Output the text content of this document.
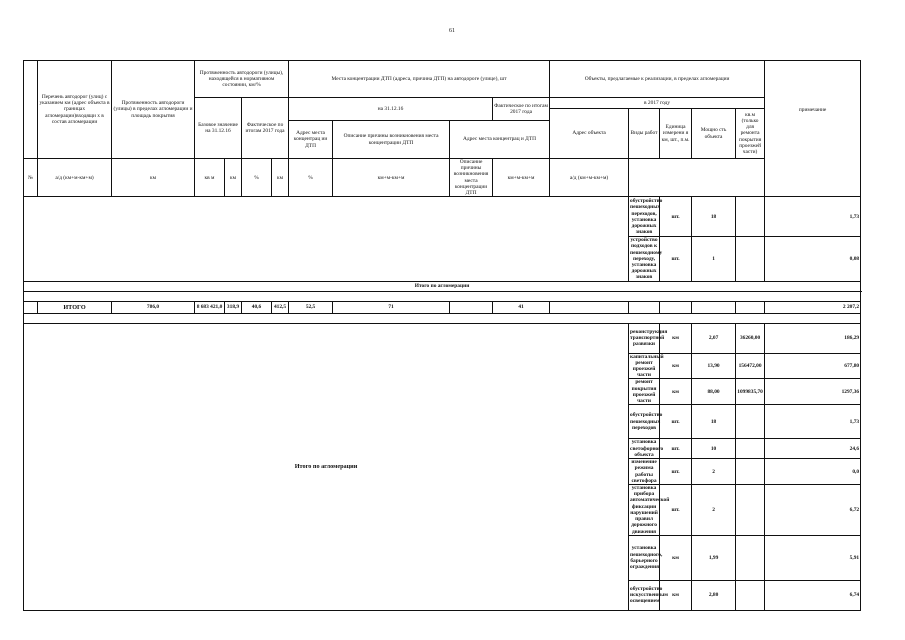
61
	Перечень автодорог (улиц) с указанием км (адрес объекта в границах агломерации)входящи х в состав агломерации	Протяженность автодороги (улицы) в пределах агломерации и площадь покрытия	Протяженность автодороги (улицы), находящейся в нормативном состоянии, км/%				Места концентрации ДТП (адреса, причина ДТП) на автодороге (улице), шт				Объекты, предлагаемые к реализации, в пределах агломерации					примечание	
			Базовое значение на 31.12.16		Фактическое по итогам 2017 года		на 31.12.16			Фактическое по итогам 2017 года	в 2017 году						
											Адрес объекта	Виды работ	Единица измерени я км, шт., п.м.	Мощно сть объекта	кв.м (только для ремонта покрытия проезжей части)	
							Адрес места концентрац ии ДТП	Описание причины возникновения места концентрации ДТП	Адрес места концентрац и ДТП								
№	а/д (км+м-км+м)	км	кв м	км	%	км	%	км+м-км+м	Описание причины возникновения места концентрации ДТП	км+м-км+м	а/д (км+м-км+м)						
												обустройство пешеходных переходов, установка дорожных знаков	шт.	18		1,73	
												устройство подходов к пешеходному переходу, установка дорожных знаков	шт.	1		0,08	
Итого по агломерации																	

	ИТОГО	786,0	8 683 421,0	318,9	40,6	412,5	52,5	71		41						2 207,2	

Итого по агломерации												реконструкция транспортной развязки	км	2,07	36260,00	186,29	
												капитальный ремонт проезжей части	км	13,90	156472,00	677,80	
												ремонт покрытия проезжей части	км	88,00	1099835,70	1297,36	
												обустройство пешеходных переходов	шт.	18		1,73	
												установка светофорного объекта	шт.	10		24,6	
												изменение режима работы светофора	шт.	2		0,0	
												установка прибора автоматической фиксации нарушений правил дорожного движения	шт.	2		6,72	
												установка пешеходного, барьерного ограждения	км	1,99		5,91	
												обустройство искусственным освещением	км	2,80		6,74	
